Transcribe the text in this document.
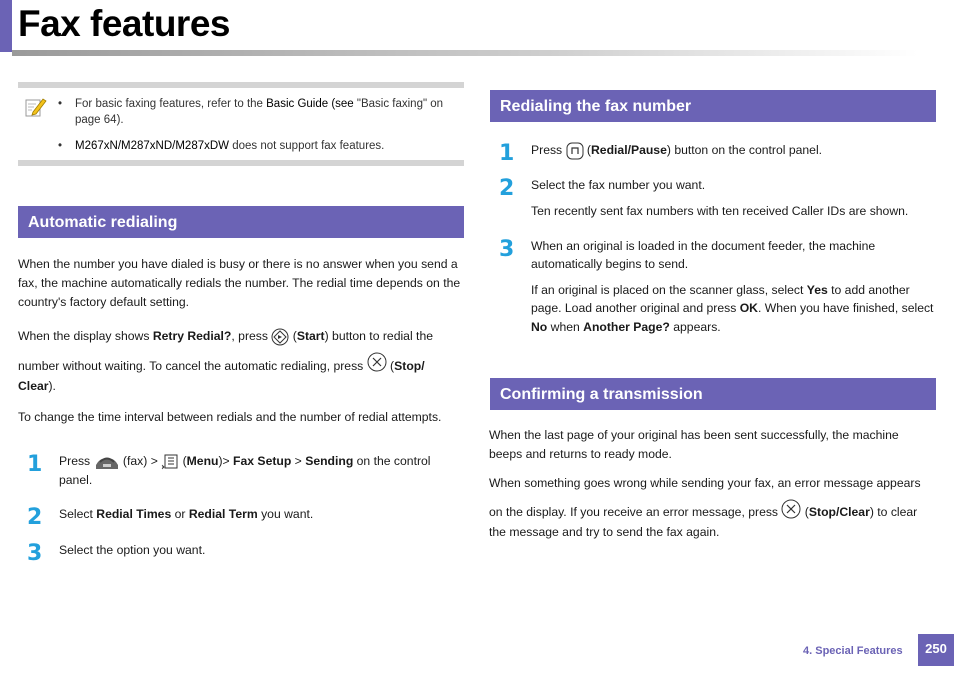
Fax features
• For basic faxing features, refer to the Basic Guide (see "Basic faxing" on page 64).
• M267xN/M287xND/M287xDW does not support fax features.
Automatic redialing

When the number you have dialed is busy or there is no answer when you send a fax, the machine automatically redials the number. The redial time depends on the country's factory default setting.

When the display shows Retry Redial?, press  (Start) button to redial the

number without waiting. To cancel the automatic redialing, press  (Stop/
Clear).

To change the time interval between redials and the number of redial attempts.

1 Press  (fax) >  (Menu)> Fax Setup > Sending on the control panel.

2 Select Redial Times or Redial Term you want.

3 Select the option you want.

Redialing the fax number
1 Press  (Redial/Pause) button on the control panel.

2 Select the fax number you want.

Ten recently sent fax numbers with ten received Caller IDs are shown.

3 When an original is loaded in the document feeder, the machine automatically begins to send.

If an original is placed on the scanner glass, select Yes to add another page. Load another original and press OK. When you have finished, select No when Another Page? appears.

Confirming a transmission

When the last page of your original has been sent successfully, the machine beeps and returns to ready mode.

When something goes wrong while sending your fax, an error message appears

on the display. If you receive an error message, press  (Stop/Clear) to clear the message and try to send the fax again.

4. Special Features	250
